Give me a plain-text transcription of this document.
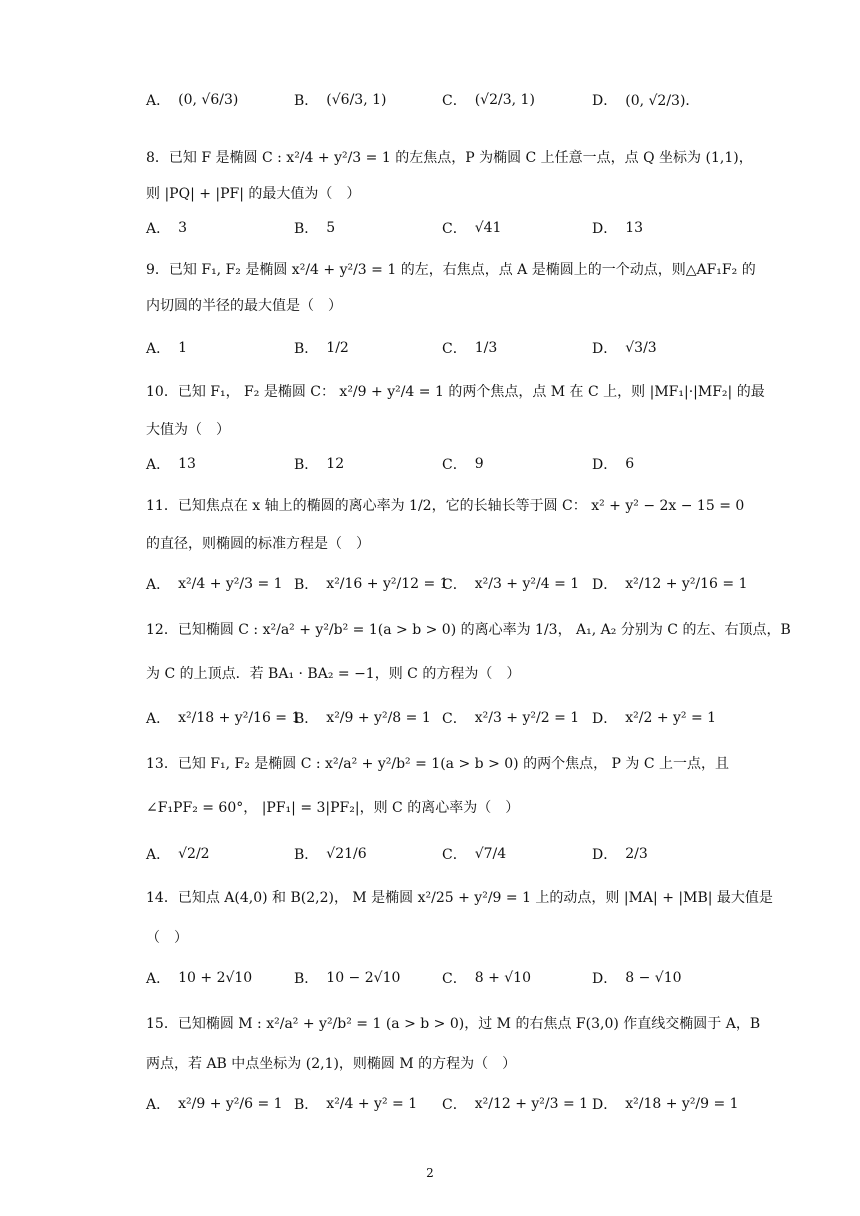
A． (0, √6/3)	B． (√6/3, 1)	C． (√2/3, 1)	D． (0, √2/3)．
8．已知 F 是椭圆 C : x²/4 + y²/3 = 1 的左焦点，P 为椭圆 C 上任意一点，点 Q 坐标为 (1,1)，
则 |PQ| + |PF| 的最大值为（　）
A． 3	B． 5	C． √41	D． 13
9．已知 F₁, F₂ 是椭圆 x²/4 + y²/3 = 1 的左，右焦点，点 A 是椭圆上的一个动点，则△AF₁F₂ 的
内切圆的半径的最大值是（　）
A． 1	B． 1/2	C． 1/3	D． √3/3
10．已知 F₁， F₂ 是椭圆 C： x²/9 + y²/4 = 1 的两个焦点，点 M 在 C 上，则 |MF₁|·|MF₂| 的最
大值为（　）
A． 13	B． 12	C． 9	D． 6
11．已知焦点在 x 轴上的椭圆的离心率为 1/2，它的长轴长等于圆 C： x² + y² − 2x − 15 = 0
的直径，则椭圆的标准方程是（　）
A． x²/4 + y²/3 = 1 B． x²/16 + y²/12 = 1
C． x²/3 + y²/4 = 1 D． x²/12 + y²/16 = 1
12．已知椭圆 C : x²/a² + y²/b² = 1(a > b > 0) 的离心率为 1/3， A₁, A₂ 分别为 C 的左、右顶点，B
为 C 的上顶点．若 BA₁ · BA₂ = −1，则 C 的方程为（　）
A． x²/18 + y²/16 = 1
B． x²/9 + y²/8 = 1 C． x²/3 + y²/2 = 1 D． x²/2 + y² = 1
13．已知 F₁, F₂ 是椭圆 C : x²/a² + y²/b² = 1(a > b > 0) 的两个焦点， P 为 C 上一点，且
∠F₁PF₂ = 60°， |PF₁| = 3|PF₂|，则 C 的离心率为（　）
A． √2/2	B． √21/6	C． √7/4	D． 2/3
14．已知点 A(4,0) 和 B(2,2)， M 是椭圆 x²/25 + y²/9 = 1 上的动点，则 |MA| + |MB| 最大值是
（　）
A． 10 + 2√10	B． 10 − 2√10	C． 8 + √10	D． 8 − √10
15．已知椭圆 M : x²/a² + y²/b² = 1 (a > b > 0)，过 M 的右焦点 F(3,0) 作直线交椭圆于 A，B
两点，若 AB 中点坐标为 (2,1)，则椭圆 M 的方程为（　）
A． x²/9 + y²/6 = 1 B． x²/4 + y² = 1 C． x²/12 + y²/3 = 1 D． x²/18 + y²/9 = 1
2
